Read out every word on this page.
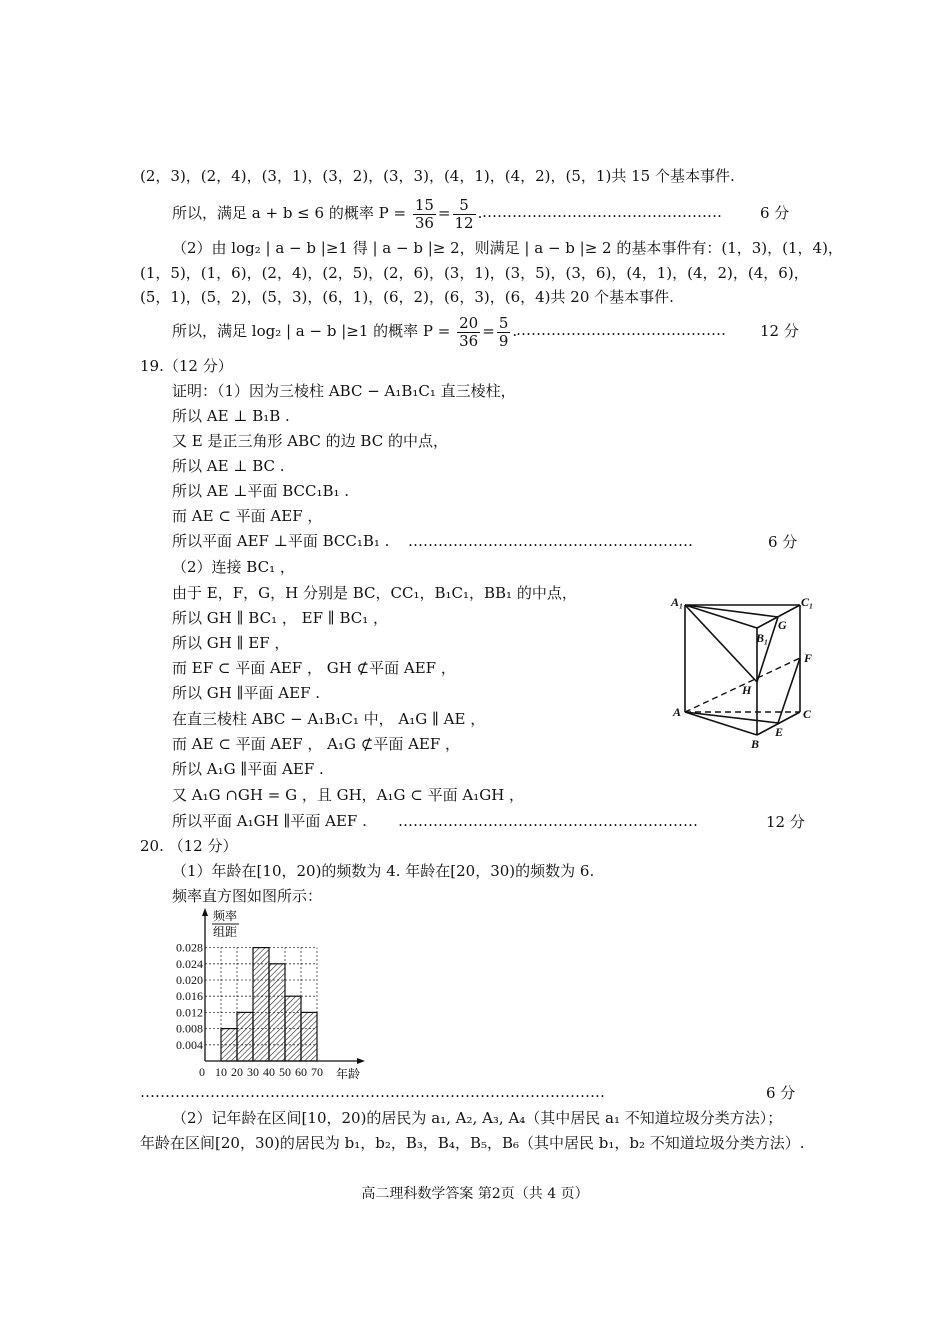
(2，3)，(2，4)，(3，1)，(3，2)，(3，3)，(4，1)，(4，2)，(5，1)共 15 个基本事件.
所以，满足 a + b ≤ 6 的概率 $P = \frac{15}{36} = \frac{5}{12}$ . …………………………………………	6 分
（2）由 log₂ | a − b |≥1 得 | a − b |≥ 2，则满足 | a − b |≥ 2 的基本事件有：(1，3)，(1，4)，
(1，5)，(1，6)，(2，4)，(2，5)，(2，6)，(3，1)，(3，5)，(3，6)，(4，1)，(4，2)，(4，6)，
(5，1)，(5，2)，(5，3)，(6，1)，(6，2)，(6，3)，(6，4)共 20 个基本事件.
所以，满足 log₂ | a − b |≥1 的概率 $P = \frac{20}{36} = \frac{5}{9}$ .
…………………………………… 12 分
19.（12 分）
证明：（1）因为三棱柱 ABC − A₁B₁C₁ 直三棱柱，
所以 AE ⊥ B₁B .
又 E 是正三角形 ABC 的边 BC 的中点，
所以 AE ⊥ BC .
所以 AE ⊥平面 BCC₁B₁ .
而 AE ⊂ 平面 AEF ，
所以平面 AEF ⊥平面 BCC₁B₁ . …………………………………………………	6 分
（2）连接 BC₁ ，
由于 E，F，G，H 分别是 BC，CC₁，B₁C₁，BB₁ 的中点，
所以 GH ∥ BC₁ ， EF ∥ BC₁ ，
所以 GH ∥ EF ，
而 EF ⊂ 平面 AEF ， GH ⊄平面 AEF ，
所以 GH ∥平面 AEF .
在直三棱柱 ABC − A₁B₁C₁ 中， A₁G ∥ AE ，
而 AE ⊂ 平面 AEF ， A₁G ⊄平面 AEF ，
所以 A₁G ∥平面 AEF .
又 A₁G ∩GH = G ，且 GH，A₁G ⊂ 平面 A₁GH ，
所以平面 A₁GH ∥平面 AEF . ……………………………………………………	12 分
A₁	C₁
B₁
G
F
H
A	C
B
E
20. （12 分）
（1）年龄在[10，20)的频数为 4. 年龄在[20，30)的频数为 6.
频率直方图如图所示：
0.028
0.024
0.020
0.016
0.012
0.008
0.004
0 10 20 30 40 50 60 70
频率
组距
年龄
…………………………………………………………………………………	6 分
（2）记年龄在区间[10，20)的居民为 a₁, A₂, A₃, A₄（其中居民 a₁ 不知道垃圾分类方法）；
年龄在区间[20，30)的居民为 b₁，b₂，B₃，B₄，B₅，B₆（其中居民 b₁，b₂ 不知道垃圾分类方法）.
高二理科数学答案 第2页（共 4 页）
